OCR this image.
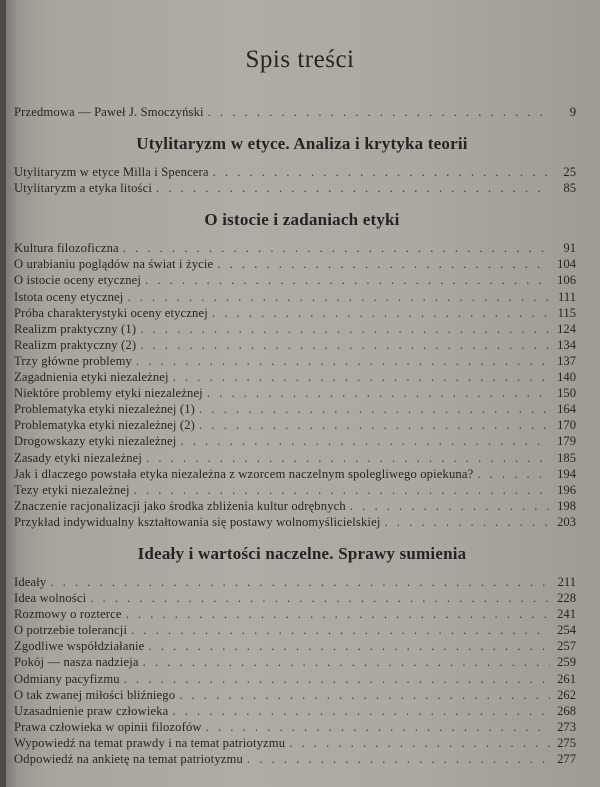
Spis treści
Przedmowa — Paweł J. Smoczyński . . .	9
Utylitaryzm w etyce. Analiza i krytyka teorii
Utylitaryzm w etyce Milla i Spencera . . .	25
Utylitaryzm a etyka litości . . .	85
O istocie i zadaniach etyki
Kultura filozoficzna . . .	91
O urabianiu poglądów na świat i życie . . .	104
O istocie oceny etycznej . . .	106
Istota oceny etycznej . . .	111
Próba charakterystyki oceny etycznej . . .	115
Realizm praktyczny (1) . . .	124
Realizm praktyczny (2) . . .	134
Trzy główne problemy . . .	137
Zagadnienia etyki niezależnej . . .	140
Niektóre problemy etyki niezależnej . . .	150
Problematyka etyki niezależnej (1) . . .	164
Problematyka etyki niezależnej (2) . . .	170
Drogowskazy etyki niezależnej . . .	179
Zasady etyki niezależnej . . .	185
Jak i dlaczego powstała etyka niezależna z wzorcem naczelnym spolegliwego opiekuna? . . .	194
Tezy etyki niezależnej . . .	196
Znaczenie racjonalizacji jako środka zbliżenia kultur odrębnych . . .	198
Przykład indywidualny kształtowania się postawy wolnomyślicielskiej . . .	203
Ideały i wartości naczelne. Sprawy sumienia
Ideały . . .	211
Idea wolności . . .	228
Rozmowy o rozterce . . .	241
O potrzebie tolerancji . . .	254
Zgodliwe współdziałanie . . .	257
Pokój — nasza nadzieja . . .	259
Odmiany pacyfizmu . . .	261
O tak zwanej miłości bliźniego . . .	262
Uzasadnienie praw człowieka . . .	268
Prawa człowieka w opinii filozofów . . .	273
Wypowiedź na temat prawdy i na temat patriotyzmu . . .	275
Odpowiedź na ankietę na temat patriotyzmu . . .	277
